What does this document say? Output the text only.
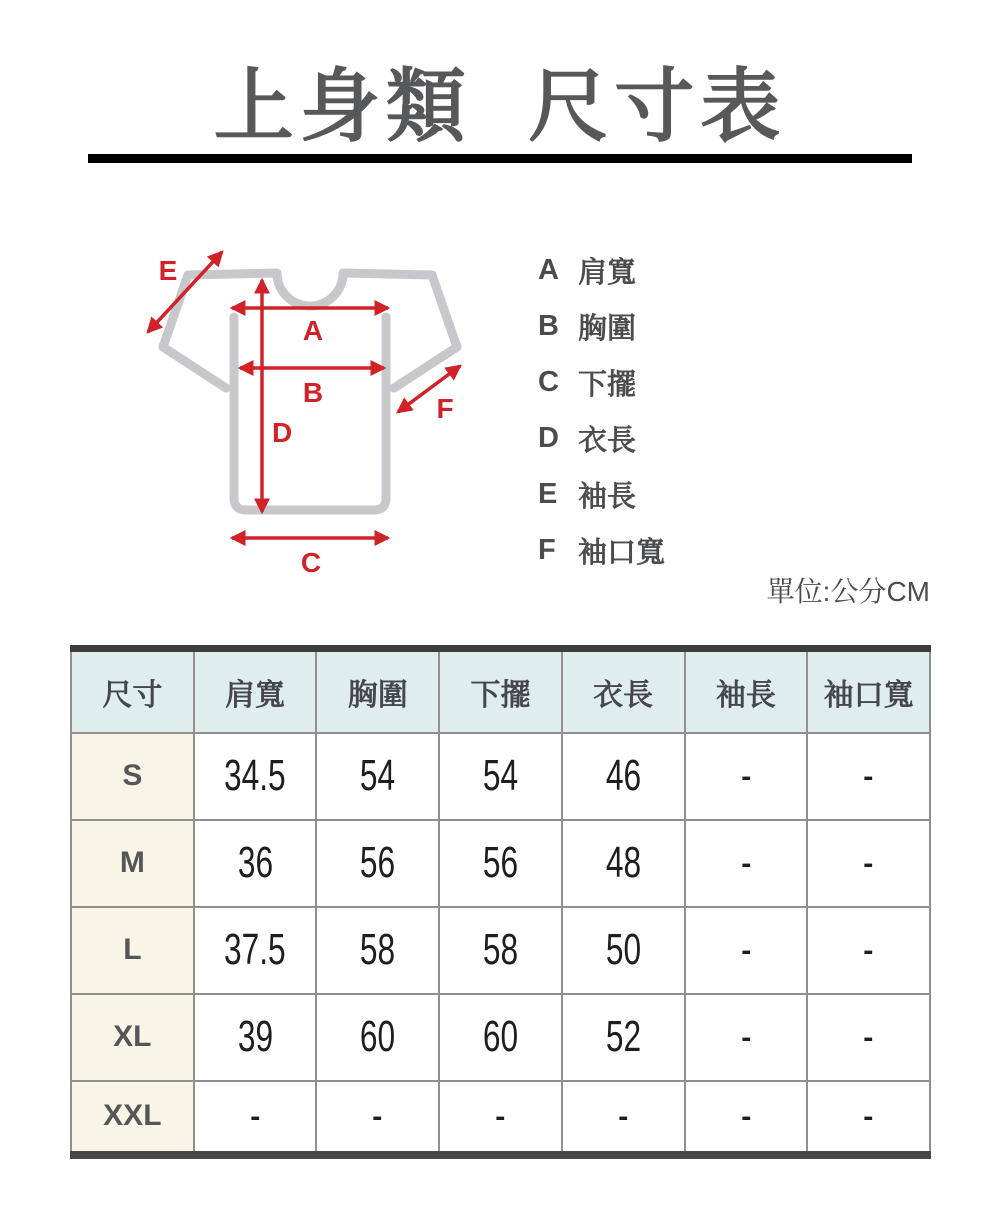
上身類  尺寸表
A
B
C
D
E
F
A 肩寬
B 胸圍
C 下擺
D 衣長
E 袖長
F 袖口寬
單位:公分CM
尺寸	肩寬	胸圍	下擺	衣長	袖長	袖口寬
S	34.5	54	54	46	-	-
M	36	56	56	48	-	-
L	37.5	58	58	50	-	-
XL	39	60	60	52	-	-
XXL	-	-	-	-	-	-
